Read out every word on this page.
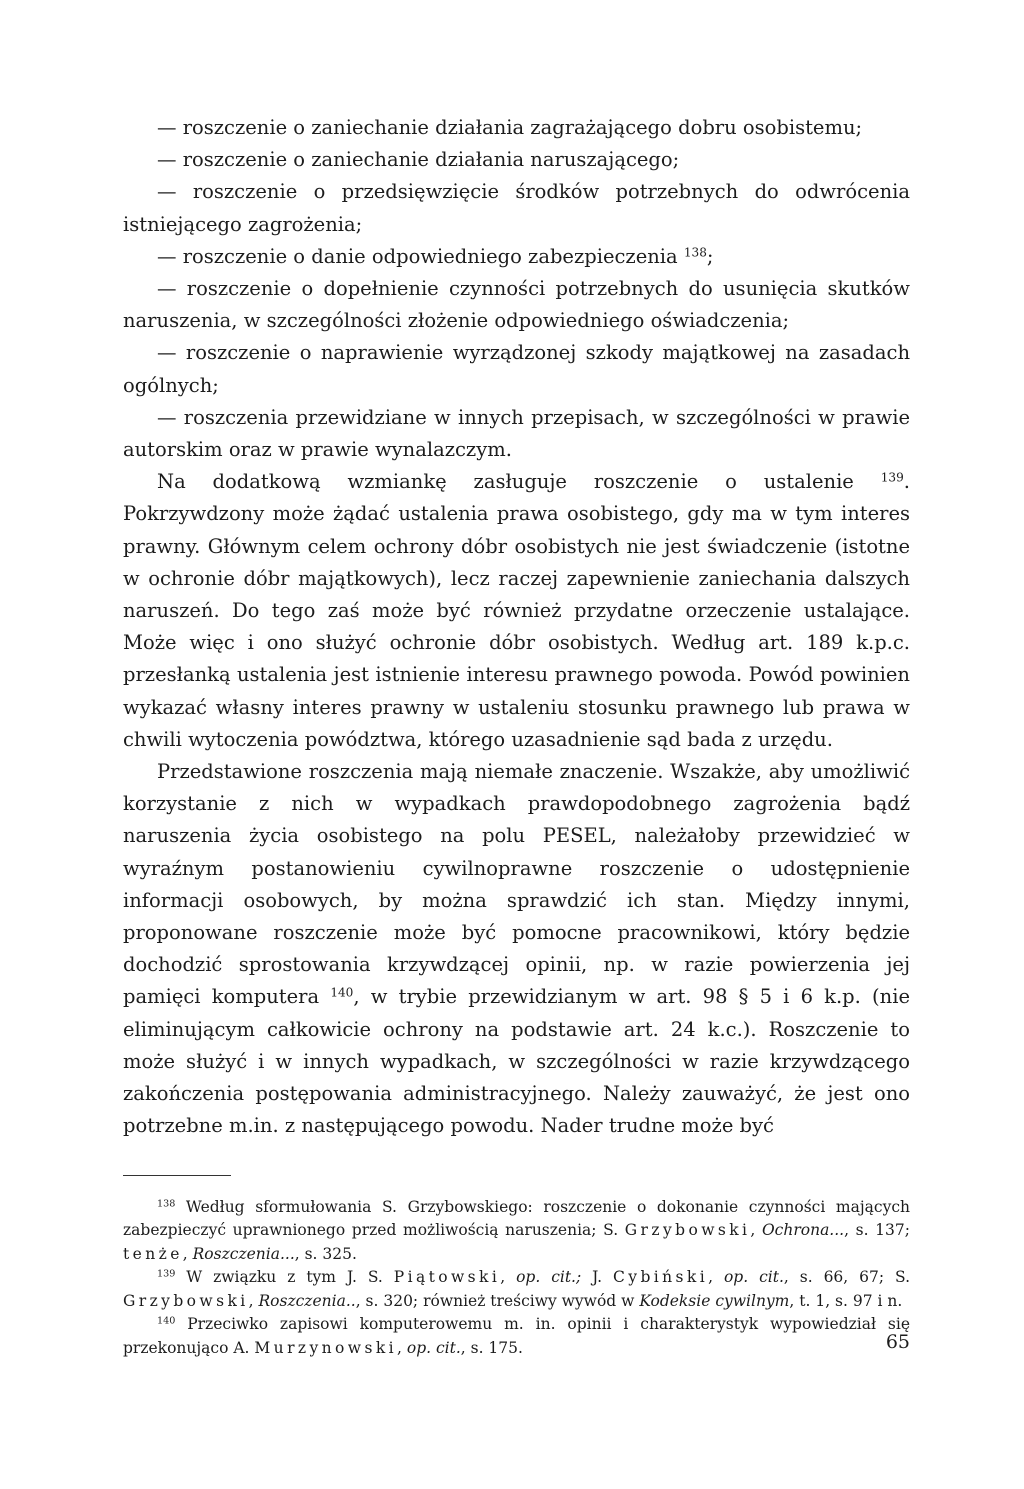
— roszczenie o zaniechanie działania zagrażającego dobru osobistemu;

— roszczenie o zaniechanie działania naruszającego;

— roszczenie o przedsięwzięcie środków potrzebnych do odwrócenia istniejącego zagrożenia;

— roszczenie o danie odpowiedniego zabezpieczenia $^{138}$;

— roszczenie o dopełnienie czynności potrzebnych do usunięcia skutków naruszenia, w szczególności złożenie odpowiedniego oświadczenia;

— roszczenie o naprawienie wyrządzonej szkody majątkowej na zasadach ogólnych;

— roszczenia przewidziane w innych przepisach, w szczególności w prawie autorskim oraz w prawie wynalazczym.

Na dodatkową wzmiankę zasługuje roszczenie o ustalenie $^{139}$. Pokrzywdzony może żądać ustalenia prawa osobistego, gdy ma w tym interes prawny. Głównym celem ochrony dóbr osobistych nie jest świadczenie (istotne w ochronie dóbr majątkowych), lecz raczej zapewnienie zaniechania dalszych naruszeń. Do tego zaś może być również przydatne orzeczenie ustalające. Może więc i ono służyć ochronie dóbr osobistych. Według art. 189 k.p.c. przesłanką ustalenia jest istnienie interesu prawnego powoda. Powód powinien wykazać własny interes prawny w ustaleniu stosunku prawnego lub prawa w chwili wytoczenia powództwa, którego uzasadnienie sąd bada z urzędu.

Przedstawione roszczenia mają niemałe znaczenie. Wszakże, aby umożliwić korzystanie z nich w wypadkach prawdopodobnego zagrożenia bądź naruszenia życia osobistego na polu PESEL, należałoby przewidzieć w wyraźnym postanowieniu cywilnoprawne roszczenie o udostępnienie informacji osobowych, by można sprawdzić ich stan. Między innymi, proponowane roszczenie może być pomocne pracownikowi, który będzie dochodzić sprostowania krzywdzącej opinii, np. w razie powierzenia jej pamięci komputera $^{140}$, w trybie przewidzianym w art. 98 § 5 i 6 k.p. (nie eliminującym całkowicie ochrony na podstawie art. 24 k.c.). Roszczenie to może służyć i w innych wypadkach, w szczególności w razie krzywdzącego zakończenia postępowania administracyjnego. Należy zauważyć, że jest ono potrzebne m.in. z następującego powodu. Nader trudne może być

$^{138}$ Według sformułowania S. Grzybowskiego: roszczenie o dokonanie czynności mających zabezpieczyć uprawnionego przed możliwością naruszenia; S. Grzybowski, Ochrona..., s. 137; tenże, Roszczenia..., s. 325.

$^{139}$ W związku z tym J. S. Piątowski, op. cit.; J. Cybiński, op. cit., s. 66, 67; S. Grzybowski, Roszczenia.., s. 320; również treściwy wywód w Kodeksie cywilnym, t. 1, s. 97 i n.

$^{140}$ Przeciwko zapisowi komputerowemu m. in. opinii i charakterystyk wypowiedział się przekonująco A. Murzynowski, op. cit., s. 175.	65
